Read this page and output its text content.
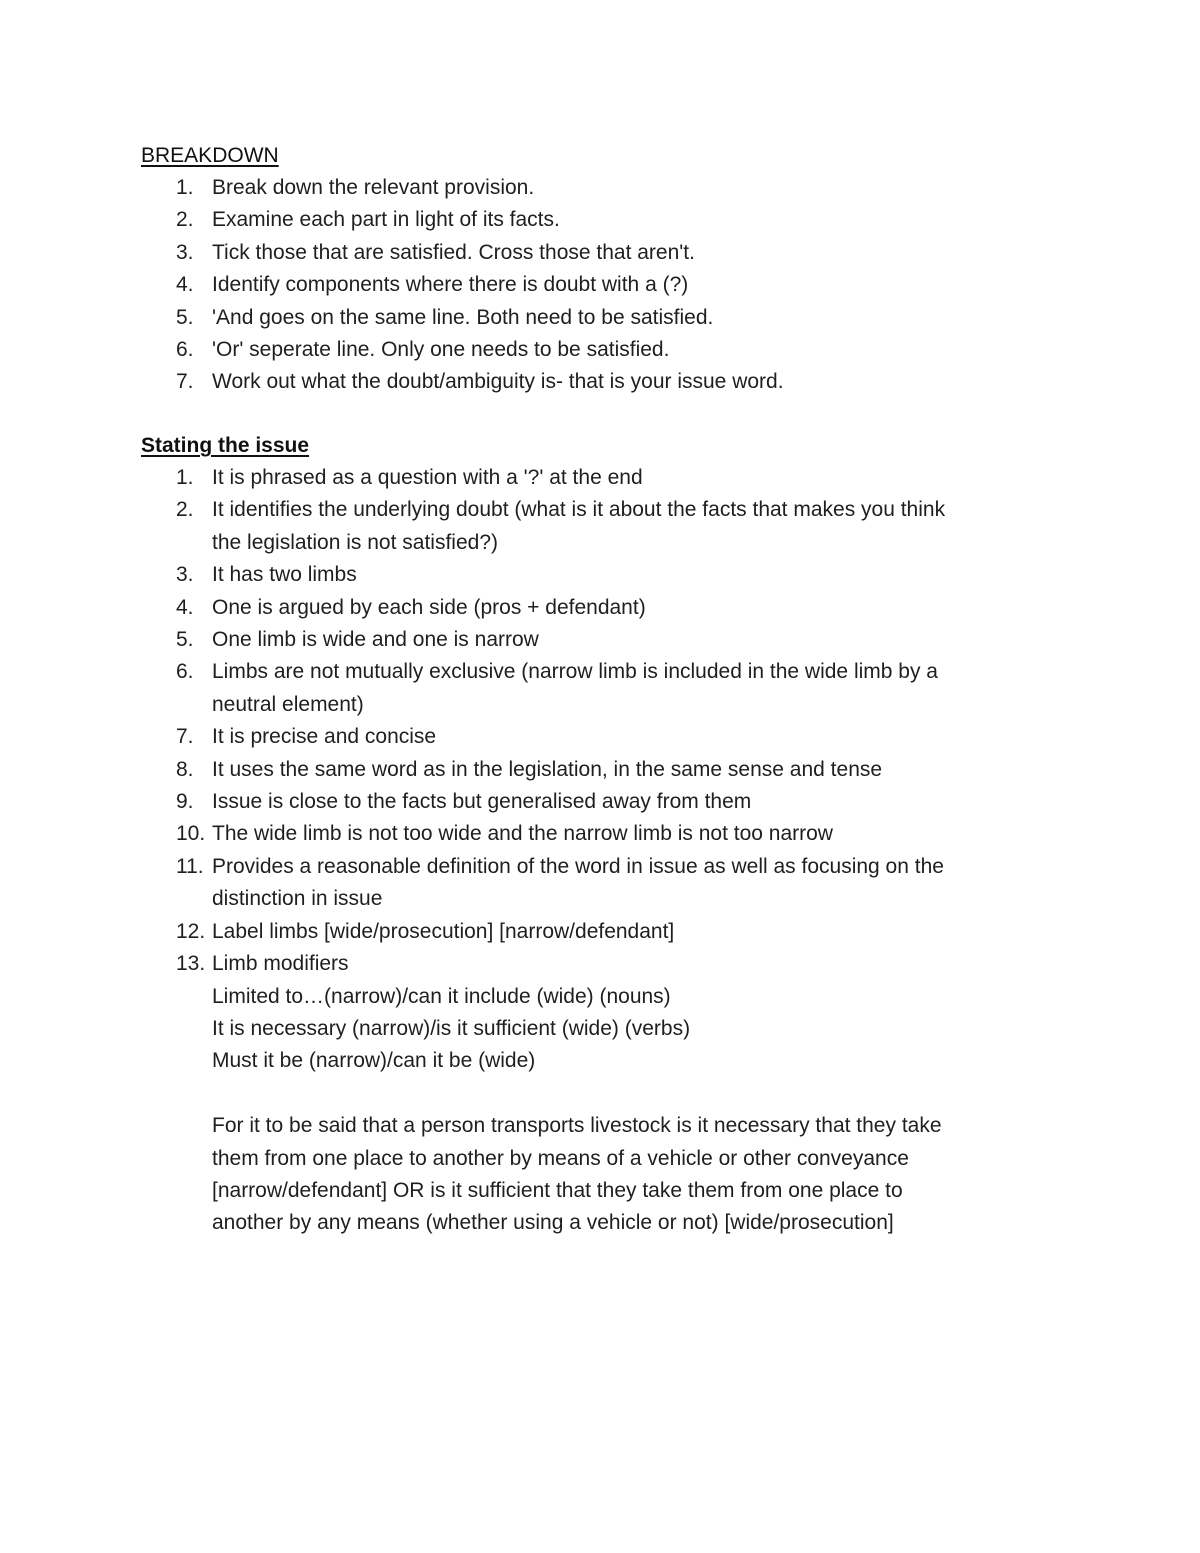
BREAKDOWN
1. Break down the relevant provision.
2. Examine each part in light of its facts.
3. Tick those that are satisfied. Cross those that aren't.
4. Identify components where there is doubt with a (?)
5. 'And goes on the same line. Both need to be satisfied.
6. 'Or' seperate line. Only one needs to be satisfied.
7. Work out what the doubt/ambiguity is- that is your issue word.
Stating the issue
1. It is phrased as a question with a '?' at the end
2. It identifies the underlying doubt (what is it about the facts that makes you think
the legislation is not satisfied?)
3. It has two limbs
4. One is argued by each side (pros + defendant)
5. One limb is wide and one is narrow
6. Limbs are not mutually exclusive (narrow limb is included in the wide limb by a
neutral element)
7. It is precise and concise
8. It uses the same word as in the legislation, in the same sense and tense
9. Issue is close to the facts but generalised away from them
10. The wide limb is not too wide and the narrow limb is not too narrow
11. Provides a reasonable definition of the word in issue as well as focusing on the
distinction in issue
12. Label limbs [wide/prosecution] [narrow/defendant]
13. Limb modifiers
Limited to…(narrow)/can it include (wide) (nouns)
It is necessary (narrow)/is it sufficient (wide) (verbs)
Must it be (narrow)/can it be (wide)
For it to be said that a person transports livestock is it necessary that they take
them from one place to another by means of a vehicle or other conveyance
[narrow/defendant] OR is it sufficient that they take them from one place to
another by any means (whether using a vehicle or not) [wide/prosecution]
